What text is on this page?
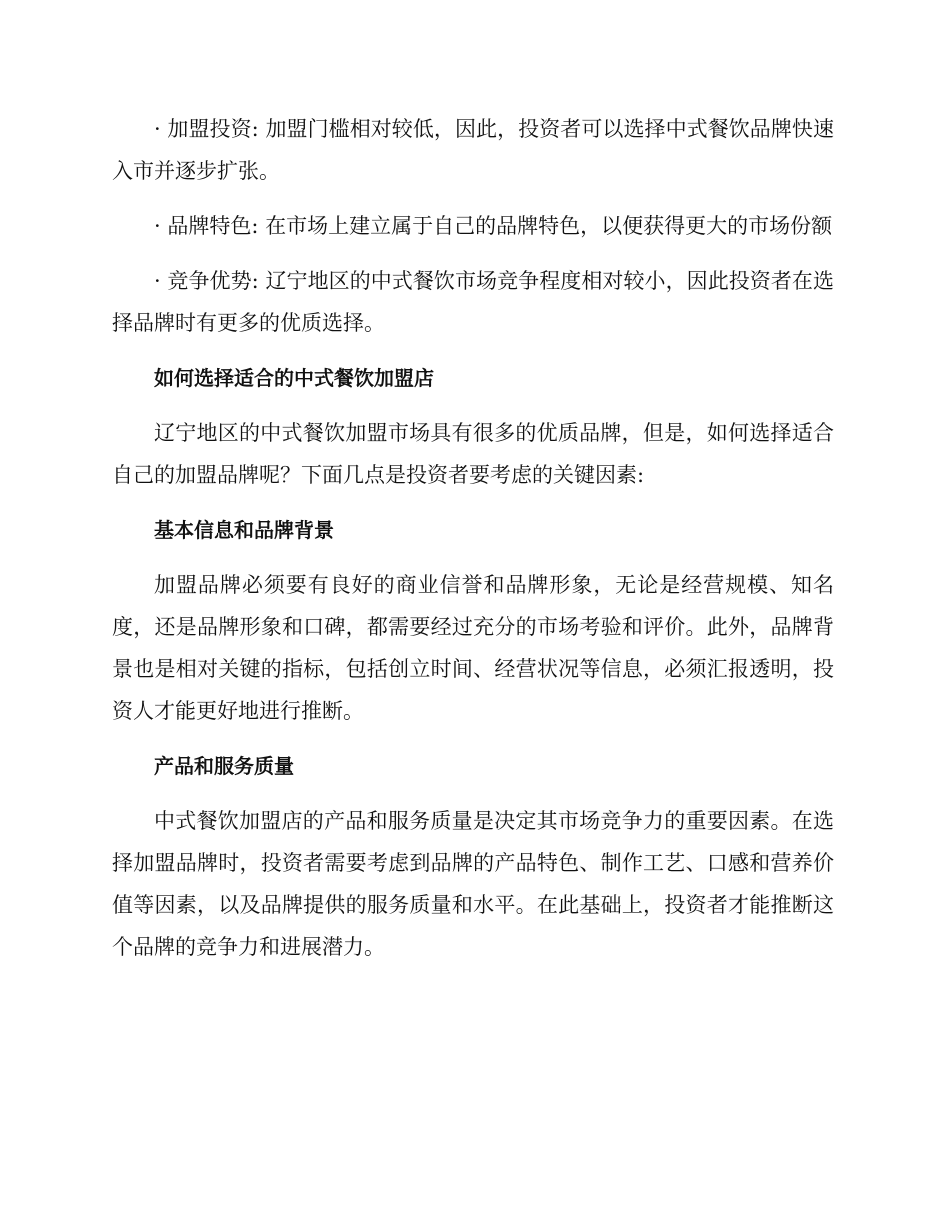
· 加盟投资: 加盟门槛相对较低，因此，投资者可以选择中式餐饮品牌快速入市并逐步扩张。

· 品牌特色: 在市场上建立属于自己的品牌特色，以便获得更大的市场份额

· 竞争优势: 辽宁地区的中式餐饮市场竞争程度相对较小，因此投资者在选择品牌时有更多的优质选择。

如何选择适合的中式餐饮加盟店

辽宁地区的中式餐饮加盟市场具有很多的优质品牌，但是，如何选择适合自己的加盟品牌呢？下面几点是投资者要考虑的关键因素:

基本信息和品牌背景

加盟品牌必须要有良好的商业信誉和品牌形象，无论是经营规模、知名度，还是品牌形象和口碑，都需要经过充分的市场考验和评价。此外，品牌背景也是相对关键的指标，包括创立时间、经营状况等信息，必须汇报透明，投资人才能更好地进行推断。

产品和服务质量

中式餐饮加盟店的产品和服务质量是决定其市场竞争力的重要因素。在选择加盟品牌时，投资者需要考虑到品牌的产品特色、制作工艺、口感和营养价值等因素，以及品牌提供的服务质量和水平。在此基础上，投资者才能推断这个品牌的竞争力和进展潜力。
